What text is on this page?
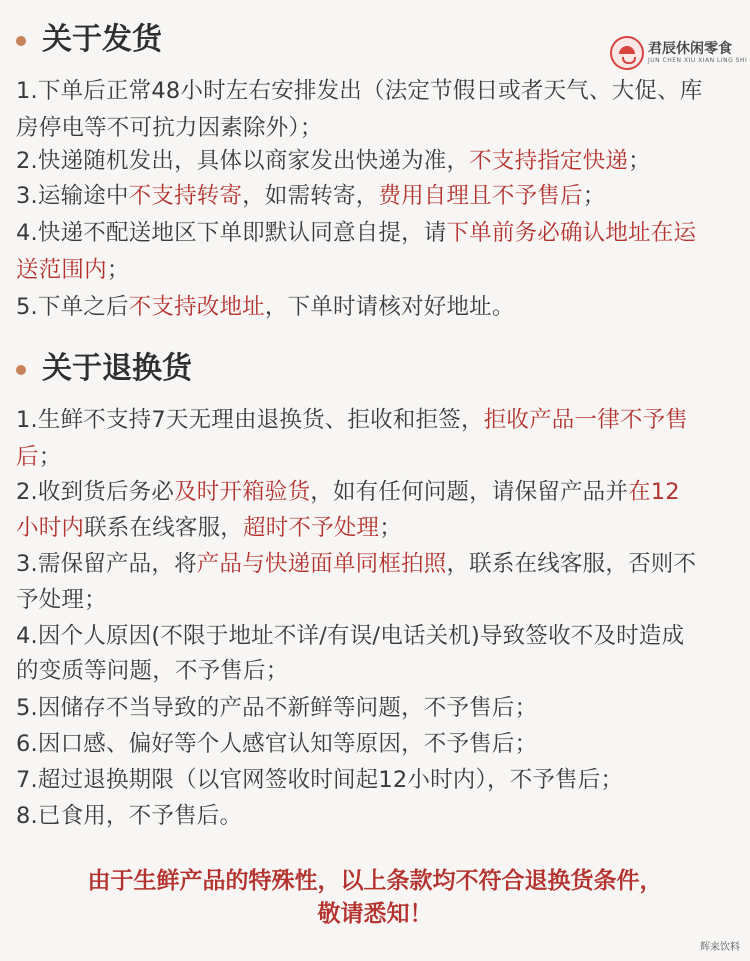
关于发货	君辰休闲零食
JUN CHEN XIU XIAN LING SHI
1.下单后正常48小时左右安排发出（法定节假日或者天气、大促、库
房停电等不可抗力因素除外）；
2.快递随机发出，具体以商家发出快递为准，不支持指定快递；
3.运输途中不支持转寄，如需转寄，费用自理且不予售后；
4.快递不配送地区下单即默认同意自提，请下单前务必确认地址在运
送范围内；
5.下单之后不支持改地址，下单时请核对好地址。
关于退换货
1.生鲜不支持7天无理由退换货、拒收和拒签，拒收产品一律不予售
后；
2.收到货后务必及时开箱验货，如有任何问题，请保留产品并在12
小时内联系在线客服，超时不予处理；
3.需保留产品，将产品与快递面单同框拍照，联系在线客服，否则不
予处理；
4.因个人原因(不限于地址不详/有误/电话关机)导致签收不及时造成
的变质等问题，不予售后；
5.因储存不当导致的产品不新鲜等问题，不予售后；
6.因口感、偏好等个人感官认知等原因，不予售后；
7.超过退换期限（以官网签收时间起12小时内），不予售后；
8.已食用，不予售后。
由于生鲜产品的特殊性，以上条款均不符合退换货条件，
敬请悉知！
辉来饮料
